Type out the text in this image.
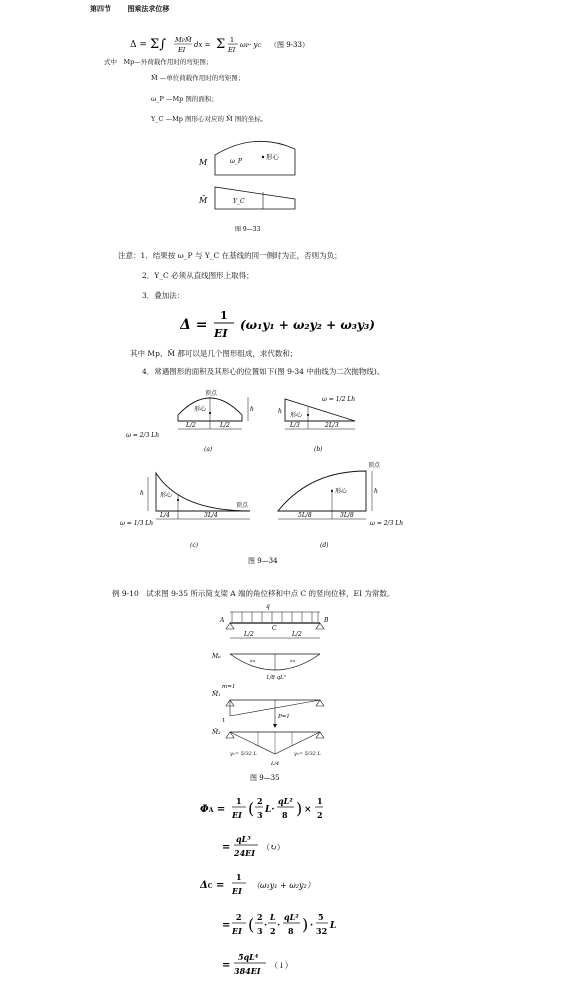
第四节 图乘法求位移
Δ = Σ∫ MPM̄
EI
dx = Σ 1
EI
ωP· yC （图 9-33）
式中　Mp—外荷载作用时的弯矩图；
M̄ —单位荷载作用时的弯矩图；
ω_P —Mp 图的面积；
Y_C —Mp 图形心对应的 M̄ 图的坐标。
M	ω_P
形心
M̄	Y_C
图 9—33
注意：1．结果按 ω_P 与 Y_C 在基线的同一侧时为正，否则为负；
2．Y_C 必须从直线图形上取得；
3．叠加法：
Δ =
1
EI
(ω₁y₁ + ω₂y₂ + ω₃y₃)
其中 Mp、M̄ 都可以是几个图形组成，求代数和；
4．常遇图形的面积及其形心的位置如下(图 9-34 中曲线为二次抛物线)。
顶点
形心	h
L/2	L/2
ω = 2/3 Lh
(a)
ω = 1/2 Lh
形心
h
L/3	2L/3
(b)
h	形心
顶点
L/4	3L/4
ω = 1/3 Lh
(c)
h
顶点
形心
5L/8	3L/8
ω = 2/3 Lh
(d)
图 9—34
例 9-10　试求图 9-35 所示简支梁 A 端的角位移和中点 C 的竖向位移，EI 为常数。
q
A	B
C
L/2	L/2
Mₚ
ω₁	ω₂
1/8 qL²
M̄₁
m=1
1
P=1
M̄₂
y₁= 5/32 L	y₂= 5/32 L
L/4
图 9—35
ΦA =
1
EI ( 2
3 L·
qL²
8 ) ×
1
2
=
qL³
24EI
（↻）
ΔC =
1
EI
（ω₁y₁ + ω₂y₂）
=
2
EI ( 2
3 ·
L
2 ·
qL²
8 ) ·
5
32 L
=
5qL⁴
384EI
（↓）
